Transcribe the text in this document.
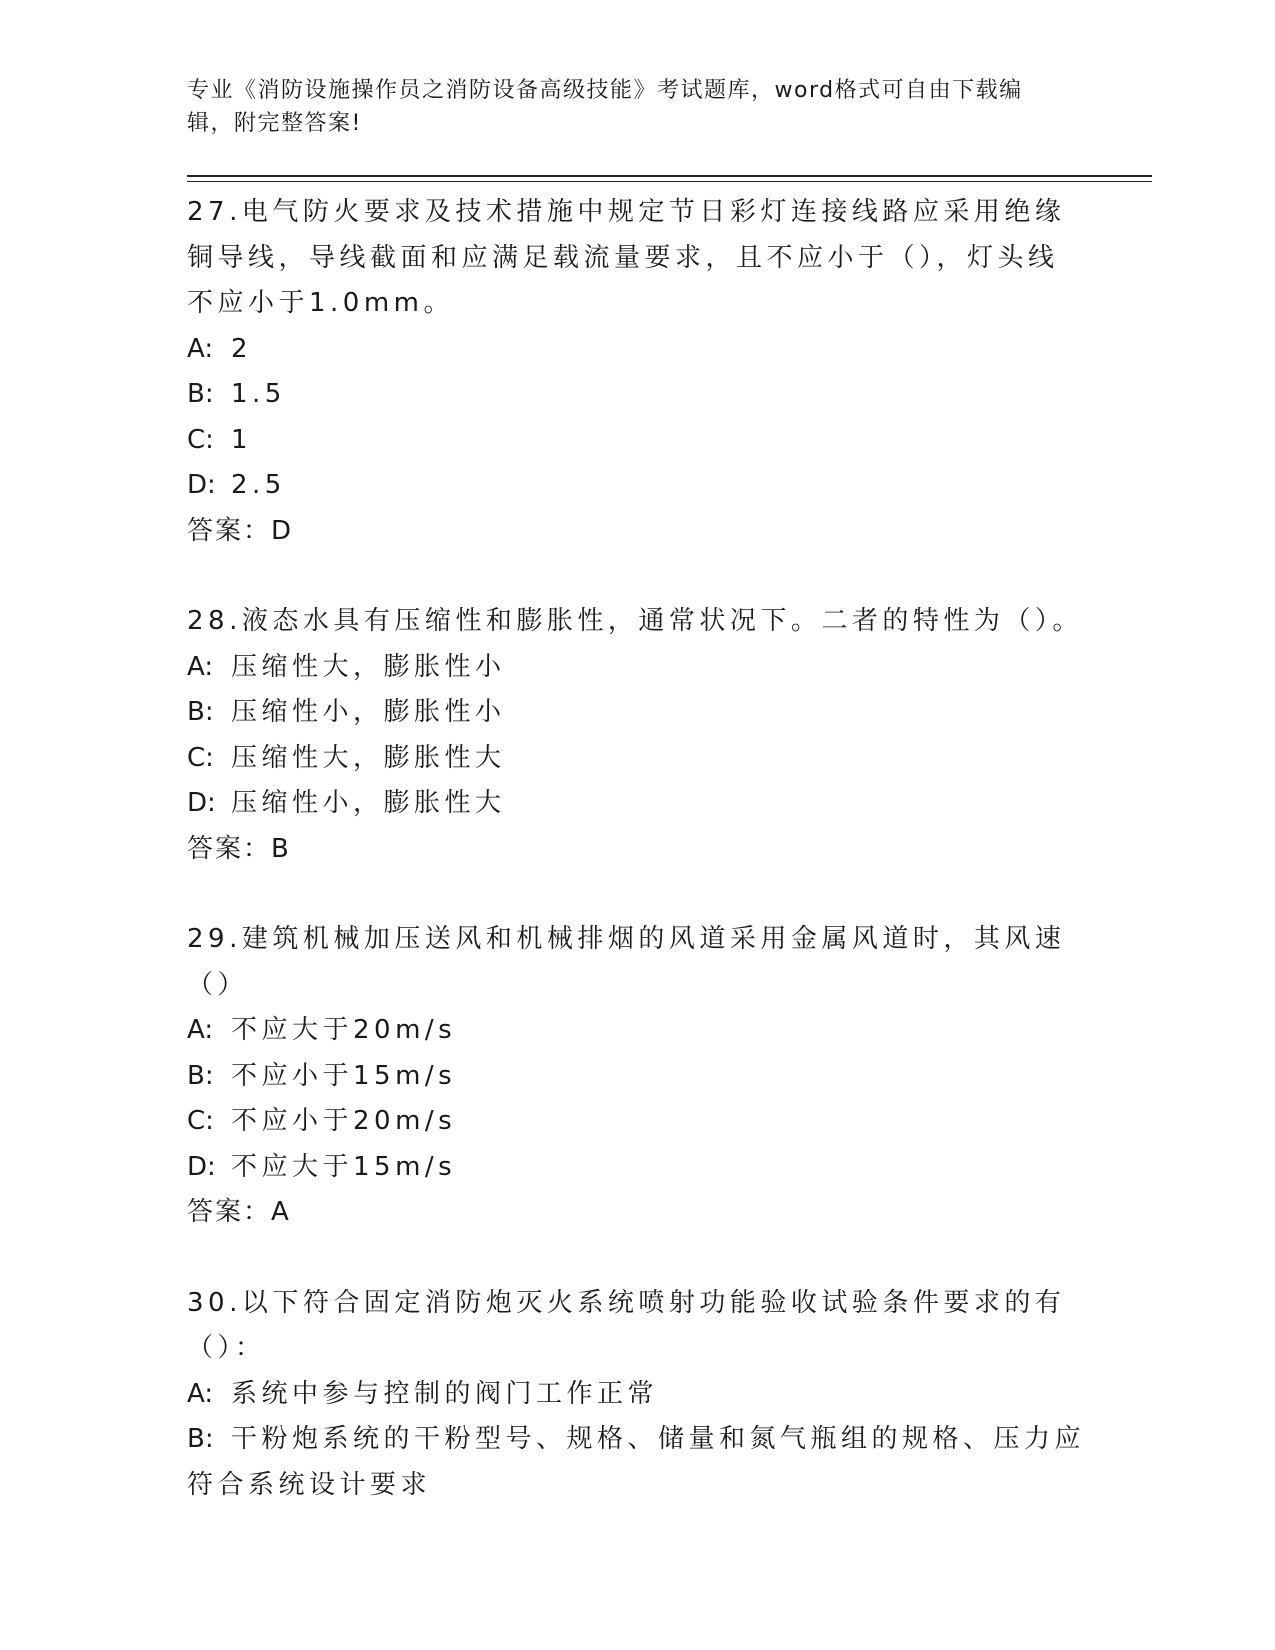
专业《消防设施操作员之消防设备高级技能》考试题库，word格式可自由下载编
辑，附完整答案!
27.电气防火要求及技术措施中规定节日彩灯连接线路应采用绝缘铜导线，导线截面和应满足载流量要求，且不应小于（），灯头线不应小于1.0mm。
A: 2
B: 1.5
C: 1
D: 2.5
答案：D
28.液态水具有压缩性和膨胀性，通常状况下。二者的特性为（）。
A: 压缩性大，膨胀性小
B: 压缩性小，膨胀性小
C: 压缩性大，膨胀性大
D: 压缩性小，膨胀性大
答案：B
29.建筑机械加压送风和机械排烟的风道采用金属风道时，其风速（）
A: 不应大于20m/s
B: 不应小于15m/s
C: 不应小于20m/s
D: 不应大于15m/s
答案：A
30.以下符合固定消防炮灭火系统喷射功能验收试验条件要求的有（）：
A: 系统中参与控制的阀门工作正常
B: 干粉炮系统的干粉型号、规格、储量和氮气瓶组的规格、压力应符合系统设计要求
